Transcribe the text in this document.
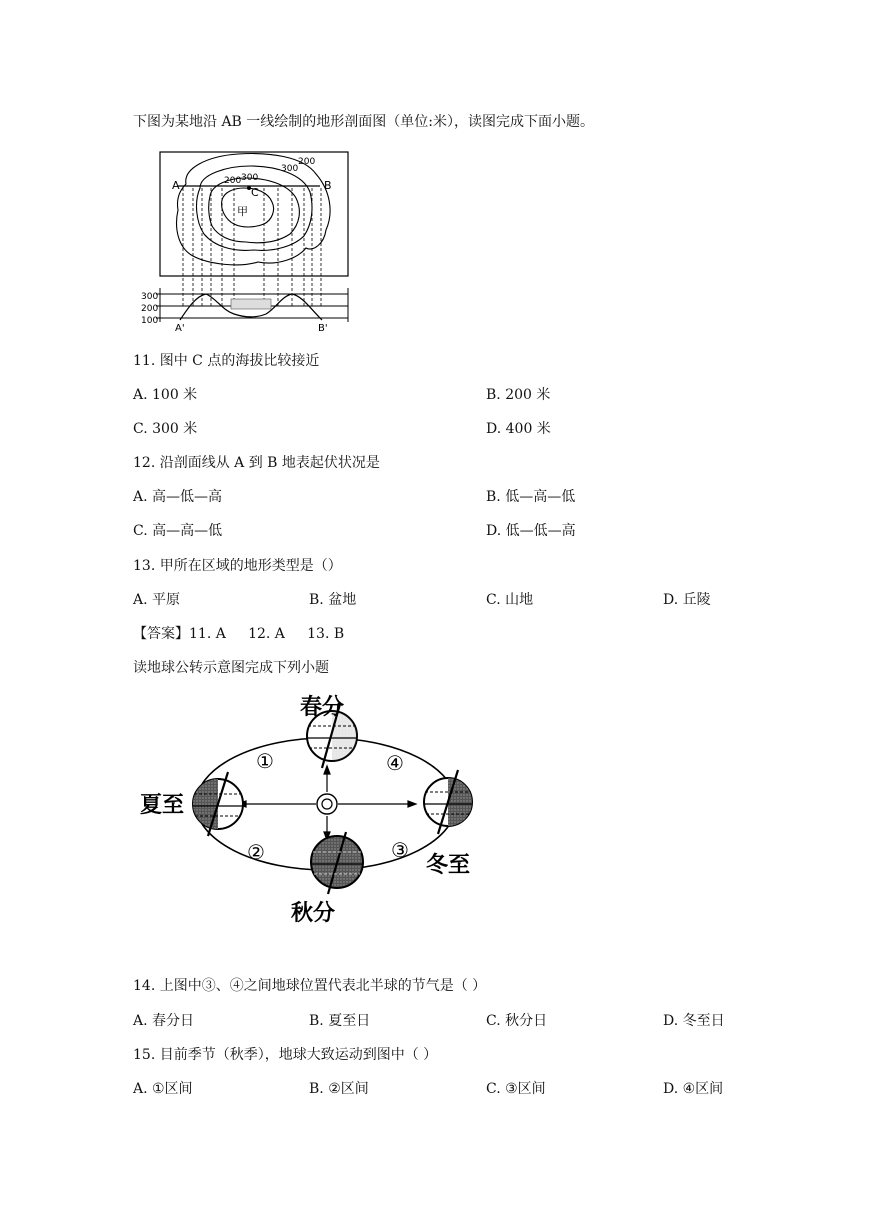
下图为某地沿 AB 一线绘制的地形剖面图（单位:米），读图完成下面小题。
A	B
C
甲
200 300
300
200
300
200
100
A'	B'
11. 图中 C 点的海拔比较接近
A. 100 米	B. 200 米
C. 300 米	D. 400 米
12. 沿剖面线从 A 到 B 地表起伏状况是
A. 高—低—高	B. 低—高—低
C. 高—高—低	D. 低—低—高
13. 甲所在区域的地形类型是（）
A. 平原	B. 盆地	C. 山地	D. 丘陵
【答案】11. A     12. A     13. B
读地球公转示意图完成下列小题
春分
夏至
秋分
冬至
①
②	③
④
14. 上图中③、④之间地球位置代表北半球的节气是（ ）
A. 春分日	B. 夏至日	C. 秋分日	D. 冬至日
15. 目前季节（秋季），地球大致运动到图中（ ）
A. ①区间	B. ②区间	C. ③区间	D. ④区间
